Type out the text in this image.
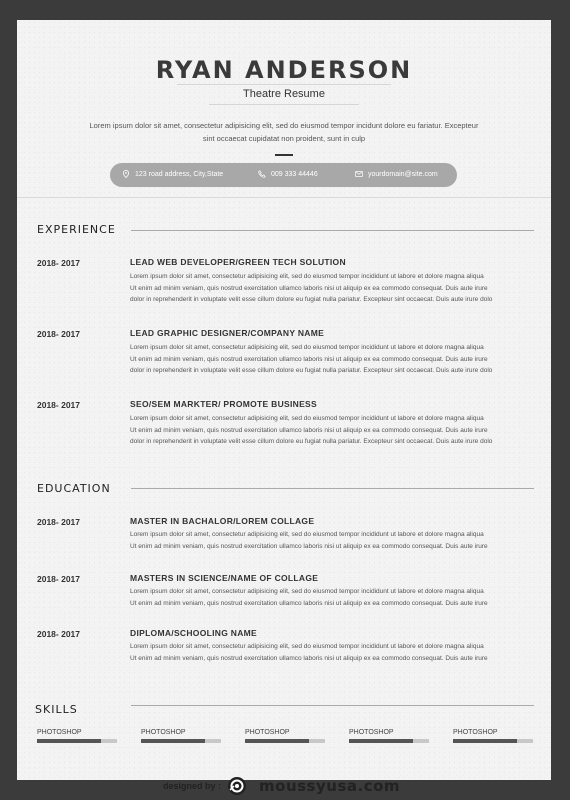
RYAN ANDERSON
Theatre Resume
Lorem ipsum dolor sit amet, consectetur adipisicing elit, sed do eiusmod tempor incidunt dolore eu fariatur. Excepteur
sint occaecat cupidatat non proident, sunt in culp
123 road address, City,State	009 333 44446	yourdomain@site.com
EXPERIENCE
2018- 2017	LEAD WEB DEVELOPER/GREEN TECH SOLUTION
Lorem ipsum dolor sit amet, consectetur adipisicing elit, sed do eiusmod tempor incididunt ut labore et dolore magna aliqua
Ut enim ad minim veniam, quis nostrud exercitation ullamco laboris nisi ut aliquip ex ea commodo consequat. Duis aute irure
dolor in reprehenderit in voluptate velit esse cillum dolore eu fugiat nulla pariatur. Excepteur sint occaecat. Duis aute irure dolo
2018- 2017	LEAD GRAPHIC DESIGNER/COMPANY NAME
Lorem ipsum dolor sit amet, consectetur adipisicing elit, sed do eiusmod tempor incididunt ut labore et dolore magna aliqua
Ut enim ad minim veniam, quis nostrud exercitation ullamco laboris nisi ut aliquip ex ea commodo consequat. Duis aute irure
dolor in reprehenderit in voluptate velit esse cillum dolore eu fugiat nulla pariatur. Excepteur sint occaecat. Duis aute irure dolo
2018- 2017	SEO/SEM MARKTER/ PROMOTE BUSINESS
Lorem ipsum dolor sit amet, consectetur adipisicing elit, sed do eiusmod tempor incididunt ut labore et dolore magna aliqua
Ut enim ad minim veniam, quis nostrud exercitation ullamco laboris nisi ut aliquip ex ea commodo consequat. Duis aute irure
dolor in reprehenderit in voluptate velit esse cillum dolore eu fugiat nulla pariatur. Excepteur sint occaecat. Duis aute irure dolo
EDUCATION
2018- 2017	MASTER IN BACHALOR/LOREM COLLAGE
Lorem ipsum dolor sit amet, consectetur adipisicing elit, sed do eiusmod tempor incididunt ut labore et dolore magna aliqua
Ut enim ad minim veniam, quis nostrud exercitation ullamco laboris nisi ut aliquip ex ea commodo consequat. Duis aute irure
2018- 2017	MASTERS IN SCIENCE/NAME OF COLLAGE
Lorem ipsum dolor sit amet, consectetur adipisicing elit, sed do eiusmod tempor incididunt ut labore et dolore magna aliqua
Ut enim ad minim veniam, quis nostrud exercitation ullamco laboris nisi ut aliquip ex ea commodo consequat. Duis aute irure
2018- 2017	DIPLOMA/SCHOOLING NAME
Lorem ipsum dolor sit amet, consectetur adipisicing elit, sed do eiusmod tempor incididunt ut labore et dolore magna aliqua
Ut enim ad minim veniam, quis nostrud exercitation ullamco laboris nisi ut aliquip ex ea commodo consequat. Duis aute irure
SKILLS
PHOTOSHOP	PHOTOSHOP	PHOTOSHOP	PHOTOSHOP	PHOTOSHOP
designed by :	moussyusa.com
